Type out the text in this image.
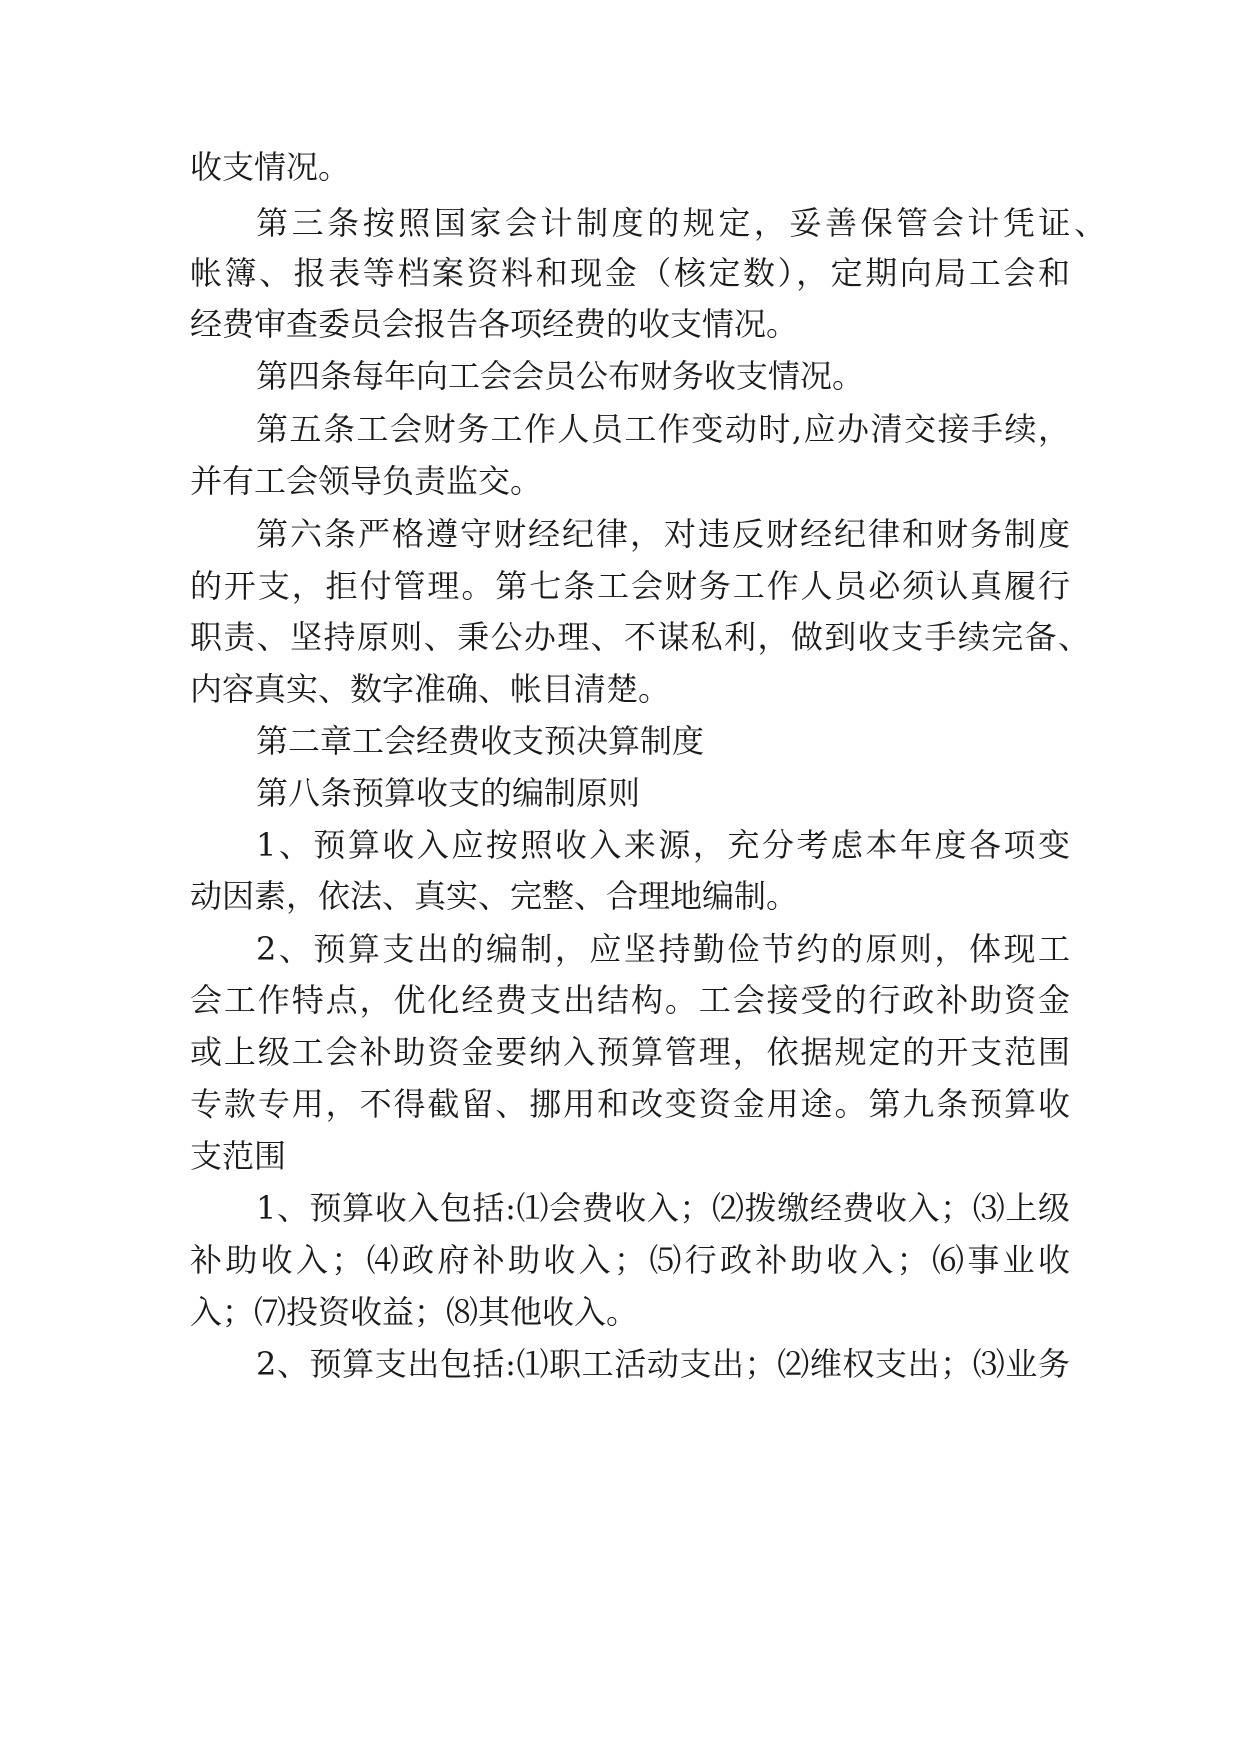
收支情况。
第三条按照国家会计制度的规定，妥善保管会计凭证、
帐簿、报表等档案资料和现金（核定数），定期向局工会和
经费审查委员会报告各项经费的收支情况。
第四条每年向工会会员公布财务收支情况。
第五条工会财务工作人员工作变动时,应办清交接手续，
并有工会领导负责监交。
第六条严格遵守财经纪律，对违反财经纪律和财务制度
的开支，拒付管理。第七条工会财务工作人员必须认真履行
职责、坚持原则、秉公办理、不谋私利，做到收支手续完备、
内容真实、数字准确、帐目清楚。
第二章工会经费收支预决算制度
第八条预算收支的编制原则
1、预算收入应按照收入来源，充分考虑本年度各项变
动因素，依法、真实、完整、合理地编制。
2、预算支出的编制，应坚持勤俭节约的原则，体现工
会工作特点，优化经费支出结构。工会接受的行政补助资金
或上级工会补助资金要纳入预算管理，依据规定的开支范围
专款专用，不得截留、挪用和改变资金用途。第九条预算收
支范围
1、预算收入包括:⑴会费收入；⑵拨缴经费收入；⑶上级
补助收入；⑷政府补助收入；⑸行政补助收入；⑹事业收
入；⑺投资收益；⑻其他收入。
2、预算支出包括:⑴职工活动支出；⑵维权支出；⑶业务
